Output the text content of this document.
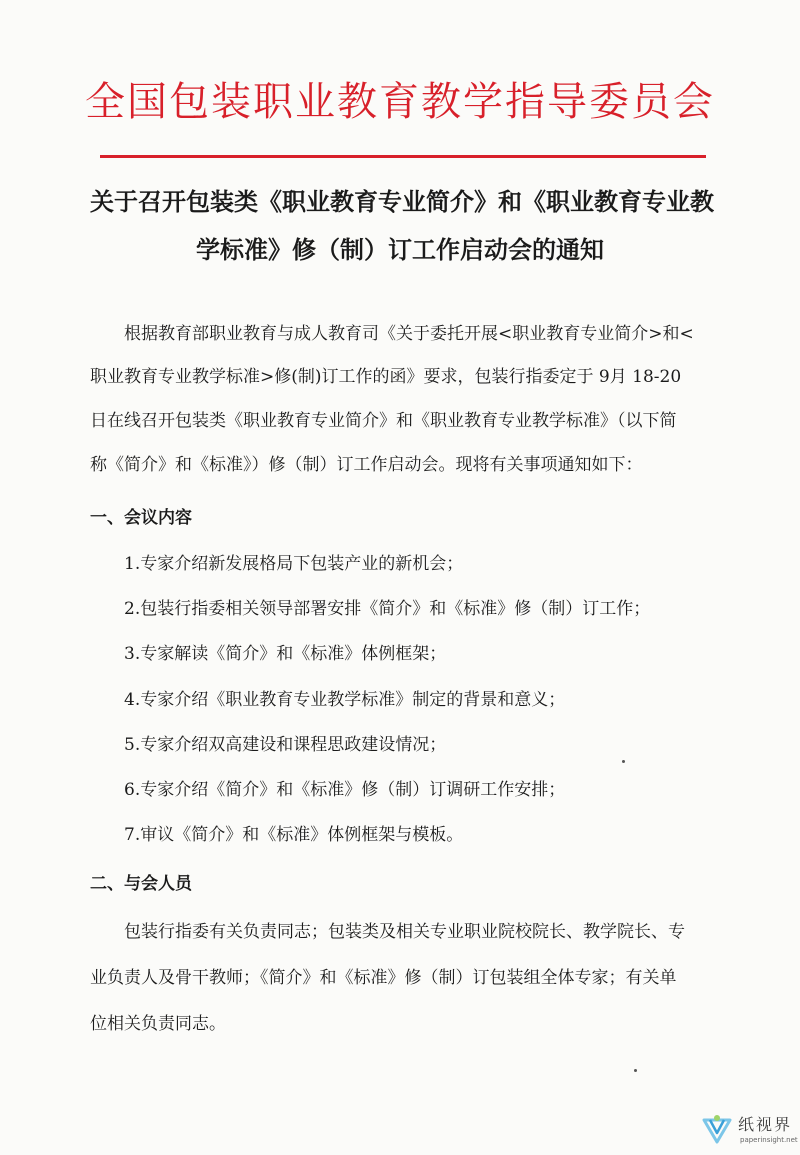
全国包装职业教育教学指导委员会
关于召开包装类《职业教育专业简介》和《职业教育专业教
学标准》修（制）订工作启动会的通知
根据教育部职业教育与成人教育司《关于委托开展<职业教育专业简介>和<
职业教育专业教学标准>修(制)订工作的函》要求，包装行指委定于 9月 18-20
日在线召开包装类《职业教育专业简介》和《职业教育专业教学标准》（以下简
称《简介》和《标准》）修（制）订工作启动会。现将有关事项通知如下：
一、会议内容
1.专家介绍新发展格局下包装产业的新机会；
2.包装行指委相关领导部署安排《简介》和《标准》修（制）订工作；
3.专家解读《简介》和《标准》体例框架；
4.专家介绍《职业教育专业教学标准》制定的背景和意义；
5.专家介绍双高建设和课程思政建设情况；
6.专家介绍《简介》和《标准》修（制）订调研工作安排；
7.审议《简介》和《标准》体例框架与模板。
二、与会人员
包装行指委有关负责同志；包装类及相关专业职业院校院长、教学院长、专
业负责人及骨干教师；《简介》和《标准》修（制）订包装组全体专家；有关单
位相关负责同志。
纸视界
paperinsight.net
